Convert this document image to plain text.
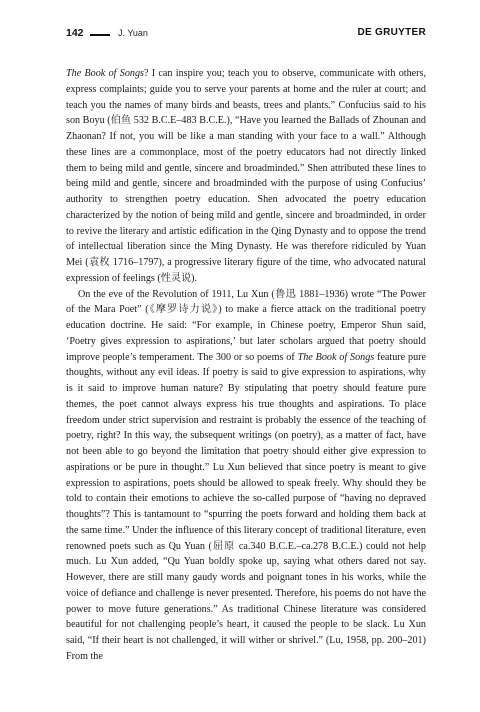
142	J. Yuan	DE GRUYTER

The Book of Songs? I can inspire you; teach you to observe, communicate with others, express complaints; guide you to serve your parents at home and the ruler at court; and teach you the names of many birds and beasts, trees and plants.” Confucius said to his son Boyu (伯鱼 532 B.C.E–483 B.C.E.), “Have you learned the Ballads of Zhounan and Zhaonan? If not, you will be like a man standing with your face to a wall.” Although these lines are a commonplace, most of the poetry educators had not directly linked them to being mild and gentle, sincere and broadminded.” Shen attributed these lines to being mild and gentle, sincere and broadminded with the purpose of using Confucius’ authority to strengthen poetry education. Shen advocated the poetry education characterized by the notion of being mild and gentle, sincere and broadminded, in order to revive the literary and artistic edification in the Qing Dynasty and to oppose the trend of intellectual liberation since the Ming Dynasty. He was therefore ridiculed by Yuan Mei (袁枚 1716–1797), a progressive literary figure of the time, who advocated natural expression of feelings (性灵说).

On the eve of the Revolution of 1911, Lu Xun (鲁迅 1881–1936) wrote “The Power of the Mara Poet” (《摩罗诗力说》) to make a fierce attack on the traditional poetry education doctrine. He said: “For example, in Chinese poetry, Emperor Shun said, ‘Poetry gives expression to aspirations,’ but later scholars argued that poetry should improve people’s temperament. The 300 or so poems of The Book of Songs feature pure thoughts, without any evil ideas. If poetry is said to give expression to aspirations, why is it said to improve human nature? By stipulating that poetry should feature pure themes, the poet cannot always express his true thoughts and aspirations. To place freedom under strict supervision and restraint is probably the essence of the teaching of poetry, right? In this way, the subsequent writings (on poetry), as a matter of fact, have not been able to go beyond the limitation that poetry should either give expression to aspirations or be pure in thought.” Lu Xun believed that since poetry is meant to give expression to aspirations, poets should be allowed to speak freely. Why should they be told to contain their emotions to achieve the so-called purpose of “having no depraved thoughts”? This is tantamount to “spurring the poets forward and holding them back at the same time.” Under the influence of this literary concept of traditional literature, even renowned poets such as Qu Yuan (屈原 ca.340 B.C.E.–ca.278 B.C.E.) could not help much. Lu Xun added, “Qu Yuan boldly spoke up, saying what others dared not say. However, there are still many gaudy words and poignant tones in his works, while the voice of defiance and challenge is never presented. Therefore, his poems do not have the power to move future generations.” As traditional Chinese literature was considered beautiful for not challenging people’s heart, it caused the people to be slack. Lu Xun said, “If their heart is not challenged, it will wither or shrivel.” (Lu, 1958, pp. 200–201) From the
